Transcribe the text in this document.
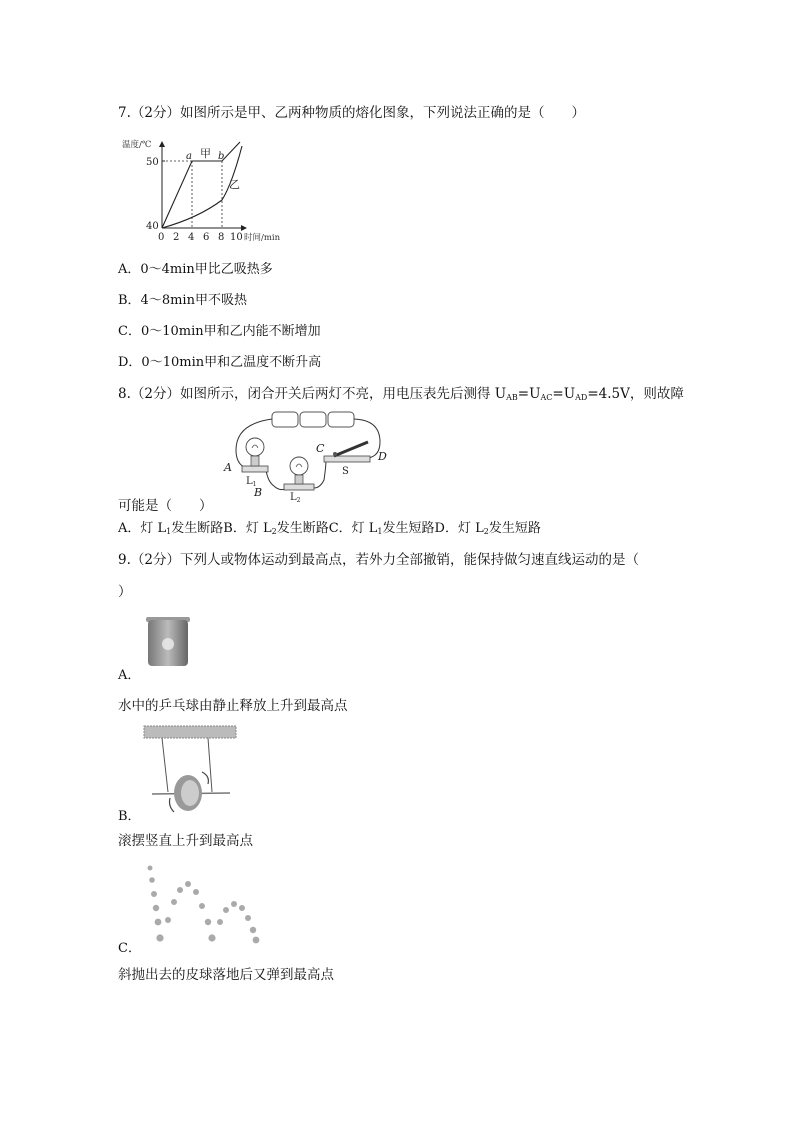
7.（2分）如图所示是甲、乙两种物质的熔化图象，下列说法正确的是（　　）
温度/℃
50
40
0 2 4 6 8 10 时间/min
a 甲 b
乙
A．0～4min甲比乙吸热多
B．4～8min甲不吸热
C．0～10min甲和乙内能不断增加
D．0～10min甲和乙温度不断升高
8.（2分）如图所示，闭合开关后两灯不亮，用电压表先后测得 $U_{AB}=U_{AC}=U_{AD}=4.5V$，则故障
A
B
C
D
$L_1$
$L_2$
S
可能是（　　）
A．灯 $L_1$发生断路B．灯 $L_2$发生断路C．灯 $L_1$发生短路D．灯 $L_2$发生短路
9.（2分）下列人或物体运动到最高点，若外力全部撤销，能保持做匀速直线运动的是（
）
A．
水中的乒乓球由静止释放上升到最高点
B．
滚摆竖直上升到最高点
C．
斜抛出去的皮球落地后又弹到最高点
